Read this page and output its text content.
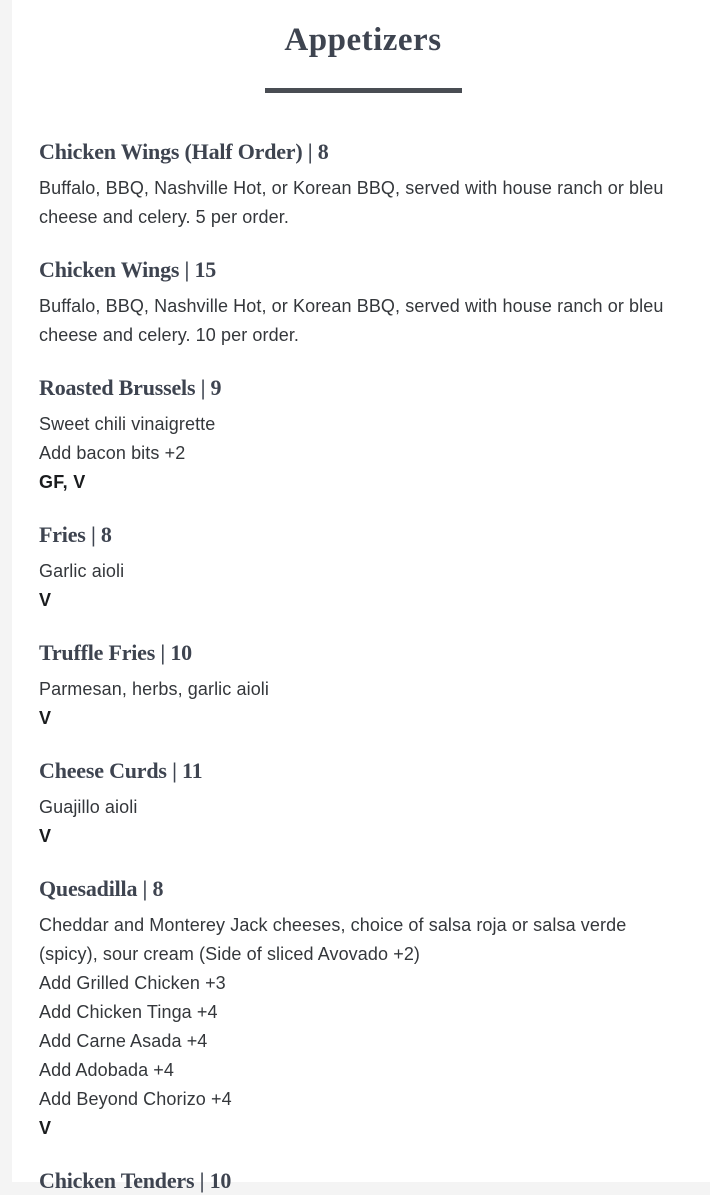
Appetizers
Chicken Wings (Half Order) | 8

Buffalo, BBQ, Nashville Hot, or Korean BBQ, served with house ranch or bleu cheese and celery. 5 per order.

Chicken Wings | 15

Buffalo, BBQ, Nashville Hot, or Korean BBQ, served with house ranch or bleu cheese and celery. 10 per order.

Roasted Brussels | 9

Sweet chili vinaigrette

Add bacon bits +2

GF, V

Fries | 8

Garlic aioli

V

Truffle Fries | 10

Parmesan, herbs, garlic aioli

V

Cheese Curds | 11

Guajillo aioli

V

Quesadilla | 8

Cheddar and Monterey Jack cheeses, choice of salsa roja or salsa verde (spicy), sour cream (Side of sliced Avovado +2)

Add Grilled Chicken +3

Add Chicken Tinga +4

Add Carne Asada +4

Add Adobada +4

Add Beyond Chorizo +4

V

Chicken Tenders | 10
